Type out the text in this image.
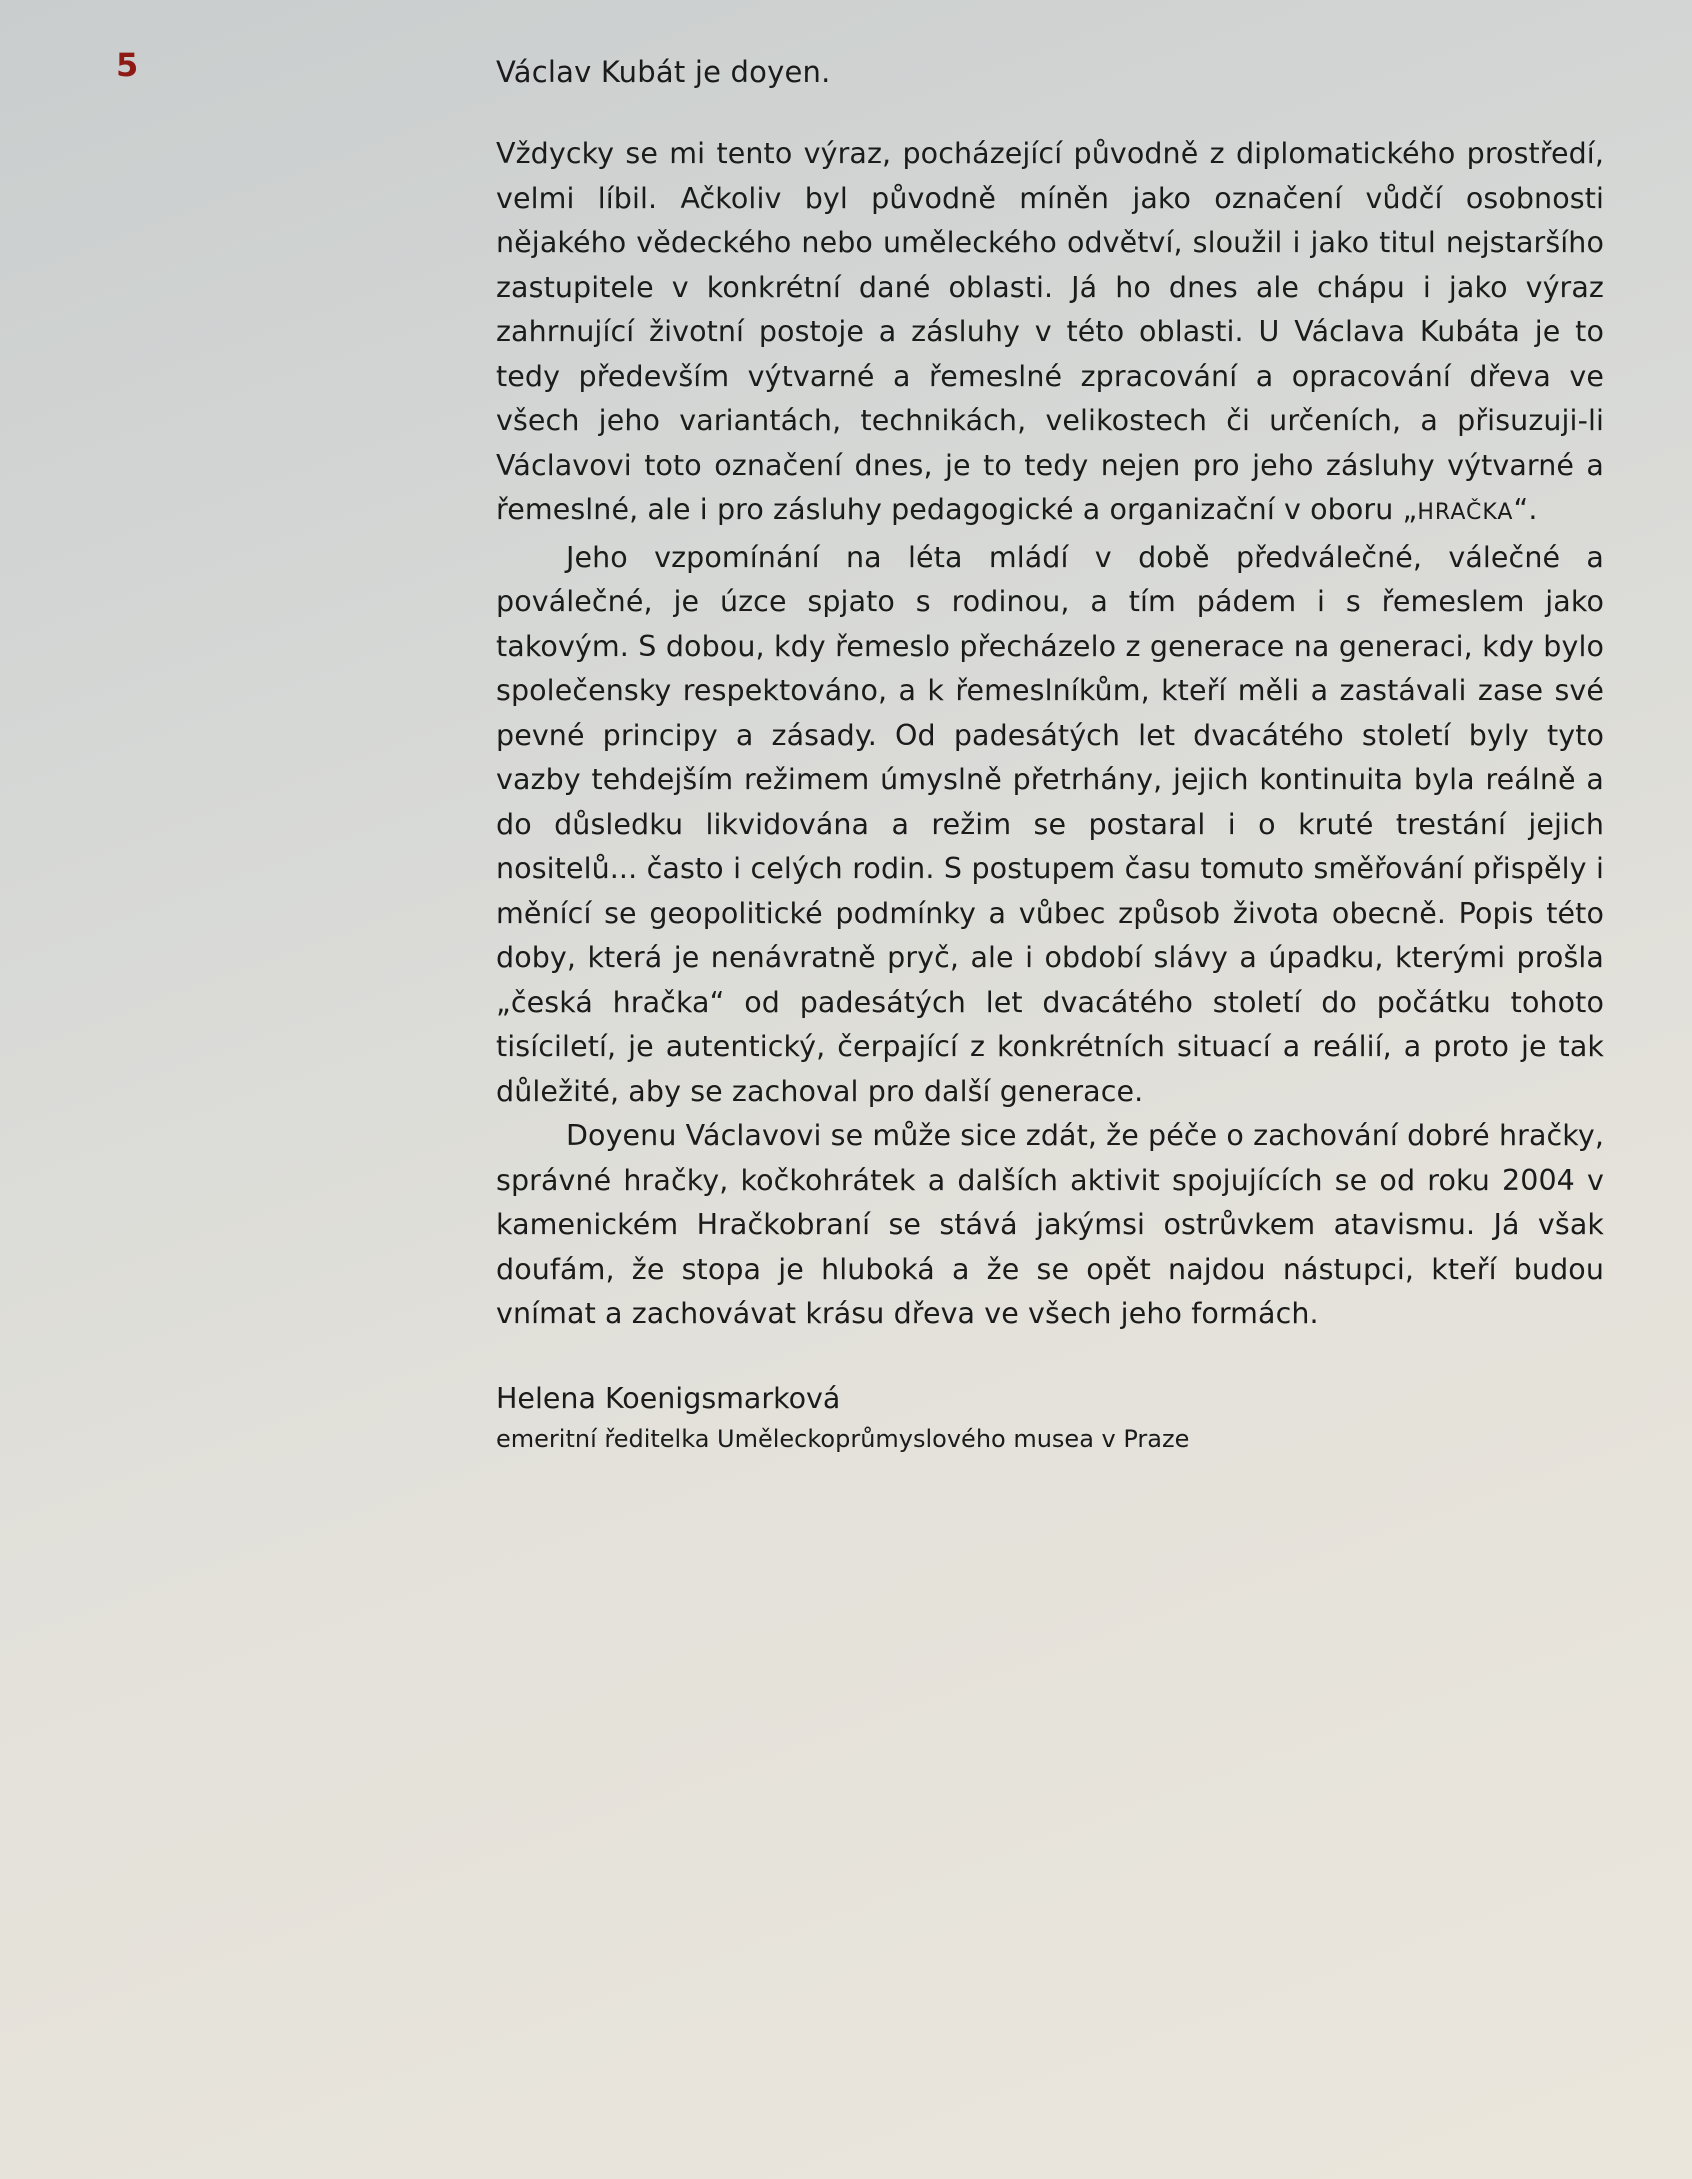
5	Václav Kubát je doyen.

Vždycky se mi tento výraz, pocházející původně z diplomatického prostředí, velmi líbil. Ačkoliv byl původně míněn jako označení vůdčí osobnosti nějakého vědeckého nebo uměleckého odvětví, sloužil i jako titul nejstaršího zastupitele v konkrétní dané oblasti. Já ho dnes ale chápu i jako výraz zahrnující životní postoje a zásluhy v této oblasti. U Václava Kubáta je to tedy především výtvarné a řemeslné zpracování a opracování dřeva ve všech jeho variantách, technikách, velikostech či určeních, a přisuzuji-li Václavovi toto označení dnes, je to tedy nejen pro jeho zásluhy výtvarné a řemeslné, ale i pro zásluhy pedagogické a organizační v oboru „HRAČKA“.

Jeho vzpomínání na léta mládí v době předválečné, válečné a poválečné, je úzce spjato s rodinou, a tím pádem i s řemeslem jako takovým. S dobou, kdy řemeslo přecházelo z generace na generaci, kdy bylo společensky respektováno, a k řemeslníkům, kteří měli a zastávali zase své pevné principy a zásady. Od padesátých let dvacátého století byly tyto vazby tehdejším režimem úmyslně přetrhány, jejich kontinuita byla reálně a do důsledku likvidována a režim se postaral i o kruté trestání jejich nositelů... často i celých rodin. S postupem času tomuto směřování přispěly i měnící se geopolitické podmínky a vůbec způsob života obecně. Popis této doby, která je nenávratně pryč, ale i období slávy a úpadku, kterými prošla „česká hračka“ od padesátých let dvacátého století do počátku tohoto tisíciletí, je autentický, čerpající z konkrétních situací a reálií, a proto je tak důležité, aby se zachoval pro další generace.

Doyenu Václavovi se může sice zdát, že péče o zachování dobré hračky, správné hračky, kočkohrátek a dalších aktivit spojujících se od roku 2004 v kamenickém Hračkobraní se stává jakýmsi ostrůvkem atavismu. Já však doufám, že stopa je hluboká a že se opět najdou nástupci, kteří budou vnímat a zachovávat krásu dřeva ve všech jeho formách.

Helena Koenigsmarková
emeritní ředitelka Uměleckoprůmyslového musea v Praze
